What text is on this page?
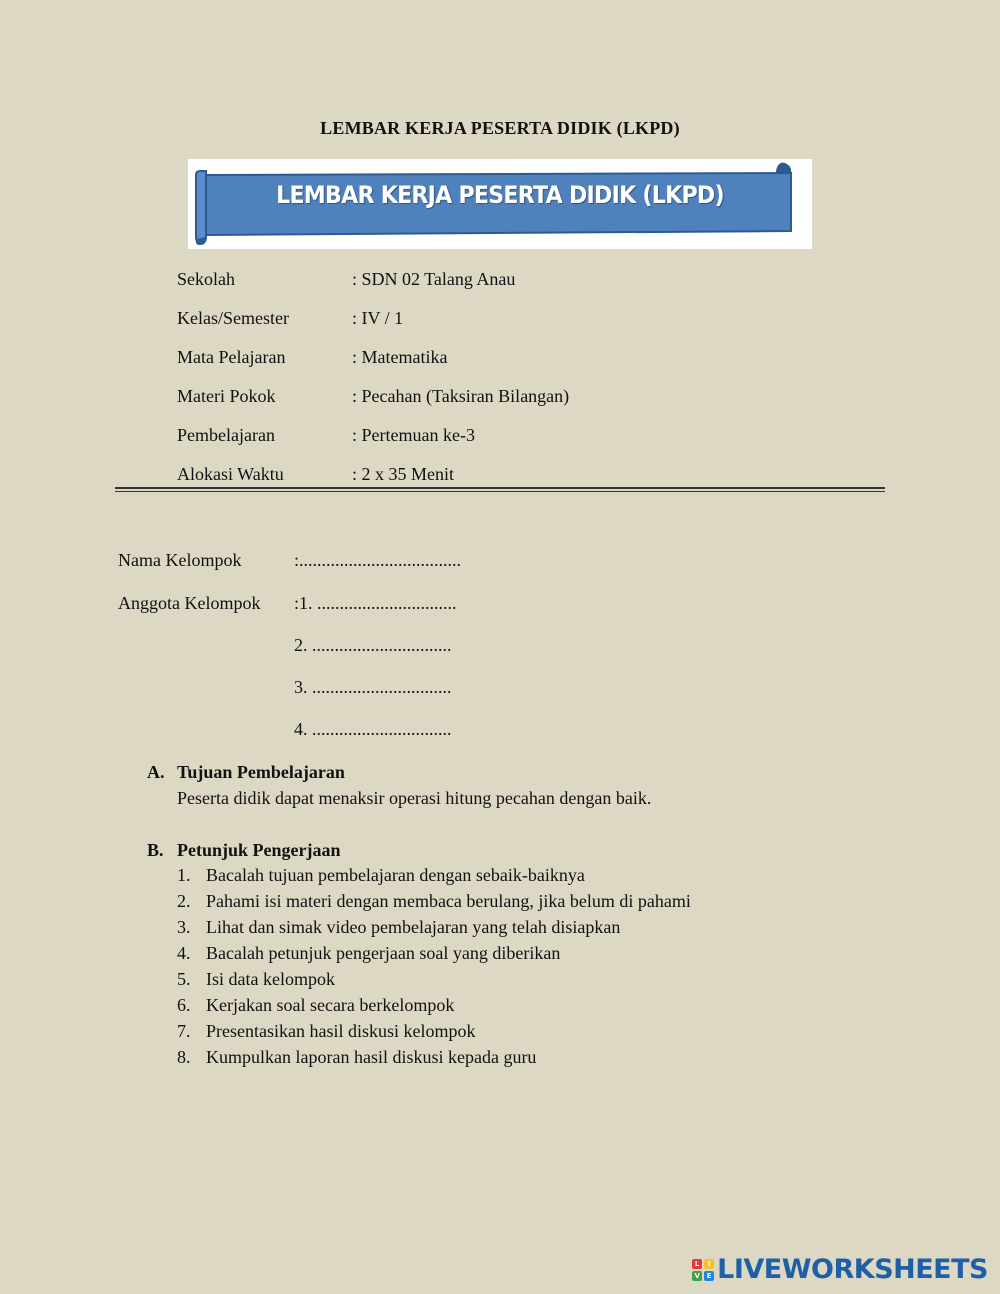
LEMBAR KERJA PESERTA DIDIK (LKPD)
LEMBAR KERJA PESERTA DIDIK (LKPD)
Sekolah	: SDN 02 Talang Anau
Kelas/Semester	: IV / 1
Mata Pelajaran	: Matematika
Materi Pokok	: Pecahan (Taksiran Bilangan)
Pembelajaran	: Pertemuan ke-3
Alokasi Waktu	: 2 x 35 Menit
Nama Kelompok	:....................................
Anggota Kelompok :1. ...............................
2. ...............................
3. ...............................
4. ...............................
A. Tujuan Pembelajaran
Peserta didik dapat menaksir operasi hitung pecahan dengan baik.
B. Petunjuk Pengerjaan
1. Bacalah tujuan pembelajaran dengan sebaik-baiknya
2. Pahami isi materi dengan membaca berulang, jika belum di pahami
3. Lihat dan simak video pembelajaran yang telah disiapkan
4. Bacalah petunjuk pengerjaan soal yang diberikan
5. Isi data kelompok
6. Kerjakan soal secara berkelompok
7. Presentasikan hasil diskusi kelompok
8. Kumpulkan laporan hasil diskusi kepada guru
L	I
V E LIVEWORKSHEETS
